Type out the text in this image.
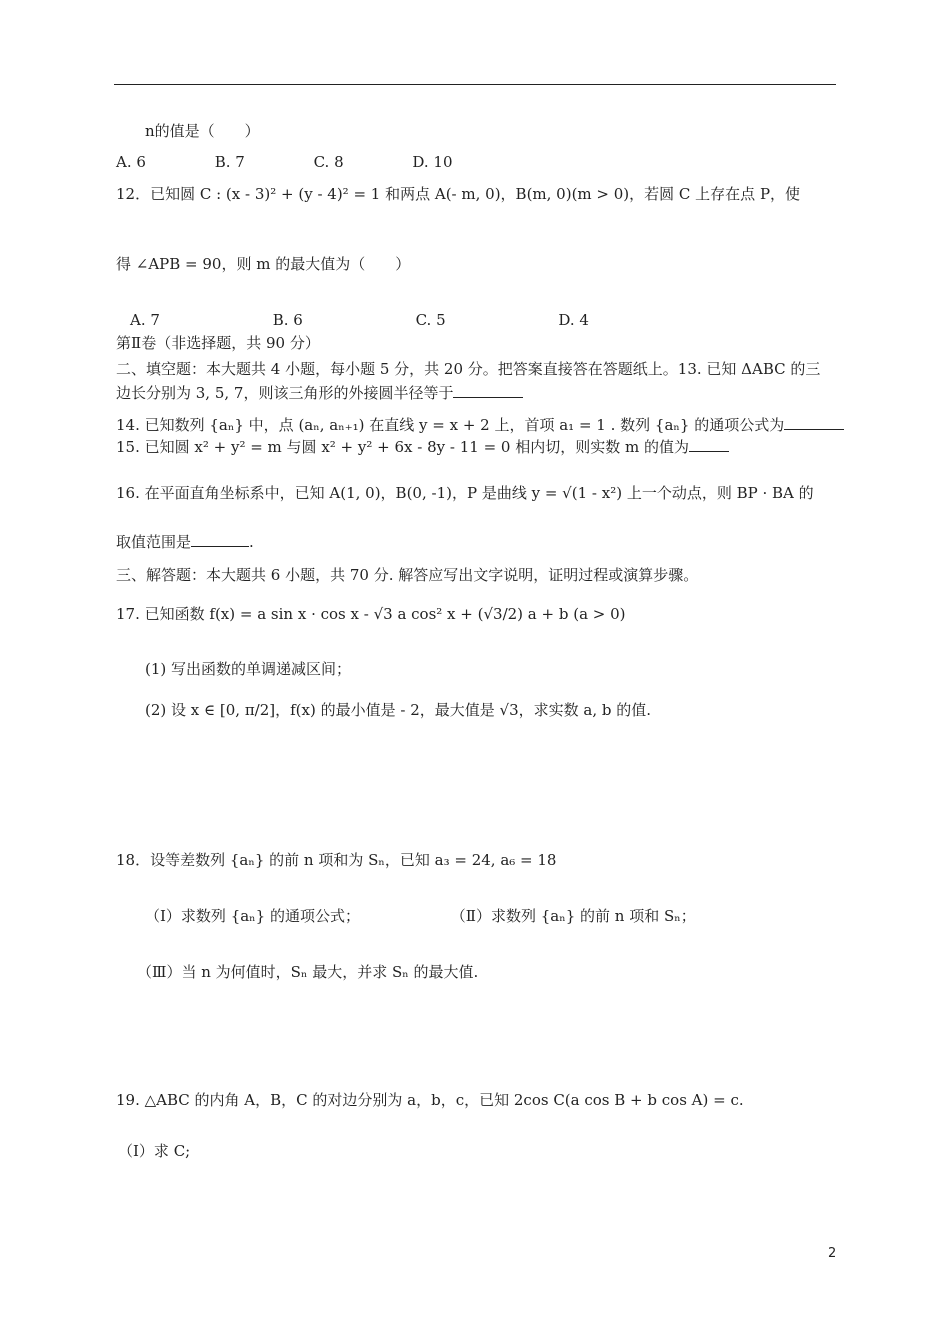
n的值是（　　）
A. 6	B. 7	C. 8	D. 10
12．已知圆 C : (x - 3)² + (y - 4)² = 1 和两点 A(- m, 0)，B(m, 0)(m > 0)，若圆 C 上存在点 P，使
得 ∠APB = 90，则 m 的最大值为（　　）
A. 7	B. 6	C. 5	D. 4
第Ⅱ卷（非选择题，共 90 分）
二、填空题：本大题共 4 小题，每小题 5 分，共 20 分。把答案直接答在答题纸上。13. 已知 ΔABC 的三
边长分别为 3, 5, 7，则该三角形的外接圆半径等于
14. 已知数列 {aₙ} 中，点 (aₙ, aₙ₊₁) 在直线 y = x + 2 上，首项 a₁ = 1 . 数列 {aₙ} 的通项公式为
15. 已知圆 x² + y² = m 与圆 x² + y² + 6x - 8y - 11 = 0 相内切，则实数 m 的值为
16. 在平面直角坐标系中，已知 A(1, 0)，B(0, -1)，P 是曲线 y = √(1 - x²) 上一个动点，则 BP · BA 的
取值范围是	.
三、解答题：本大题共 6 小题，共 70 分. 解答应写出文字说明，证明过程或演算步骤。
17. 已知函数 f(x) = a sin x · cos x - √3 a cos² x + (√3/2) a + b (a > 0)
(1) 写出函数的单调递减区间；
(2) 设 x ∈ [0, π/2]，f(x) 的最小值是 - 2，最大值是 √3，求实数 a, b 的值.
18．设等差数列 {aₙ} 的前 n 项和为 Sₙ，已知 a₃ = 24, a₆ = 18
（Ⅰ）求数列 {aₙ} 的通项公式；	（Ⅱ）求数列 {aₙ} 的前 n 项和 Sₙ；
（Ⅲ）当 n 为何值时，Sₙ 最大，并求 Sₙ 的最大值.
19. △ABC 的内角 A，B，C 的对边分别为 a，b，c，已知 2cos C(a cos B + b cos A) = c.
（Ⅰ）求 C;
2
